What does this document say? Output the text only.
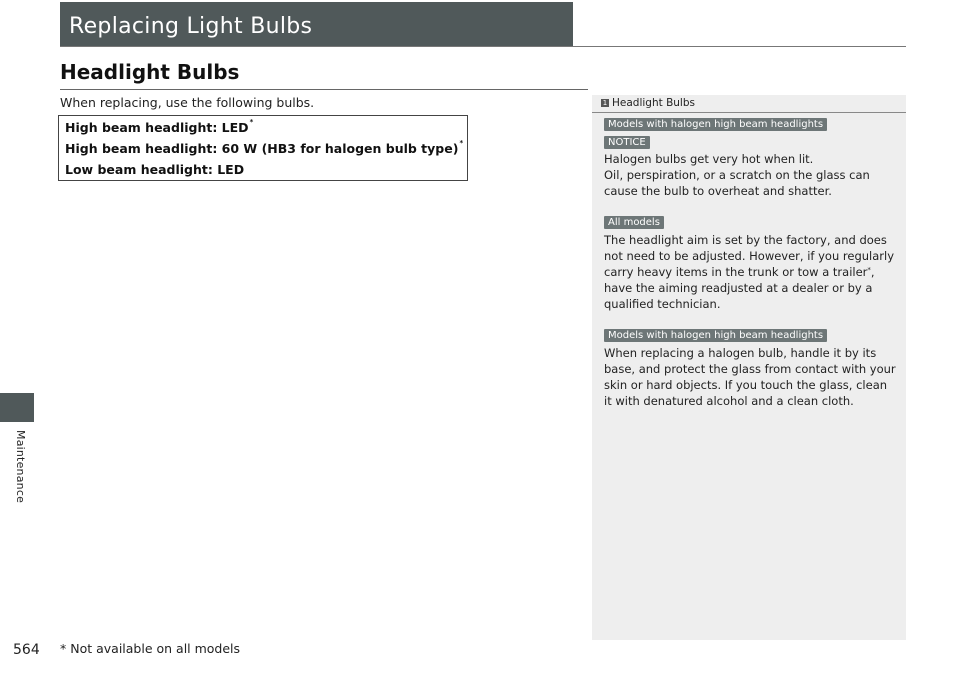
Maintenance
Replacing Light Bulbs
Headlight Bulbs
When replacing, use the following bulbs.
High beam headlight: LED*
High beam headlight: 60 W (HB3 for halogen bulb type)*
Low beam headlight: LED
1 Headlight Bulbs
Models with halogen high beam headlights
NOTICE
Halogen bulbs get very hot when lit.
Oil, perspiration, or a scratch on the glass can cause the bulb to overheat and shatter.
All models
The headlight aim is set by the factory, and does not need to be adjusted. However, if you regularly carry heavy items in the trunk or tow a trailer*, have the aiming readjusted at a dealer or by a qualified technician.
Models with halogen high beam headlights
When replacing a halogen bulb, handle it by its base, and protect the glass from contact with your skin or hard objects. If you touch the glass, clean it with denatured alcohol and a clean cloth.
564 * Not available on all models
